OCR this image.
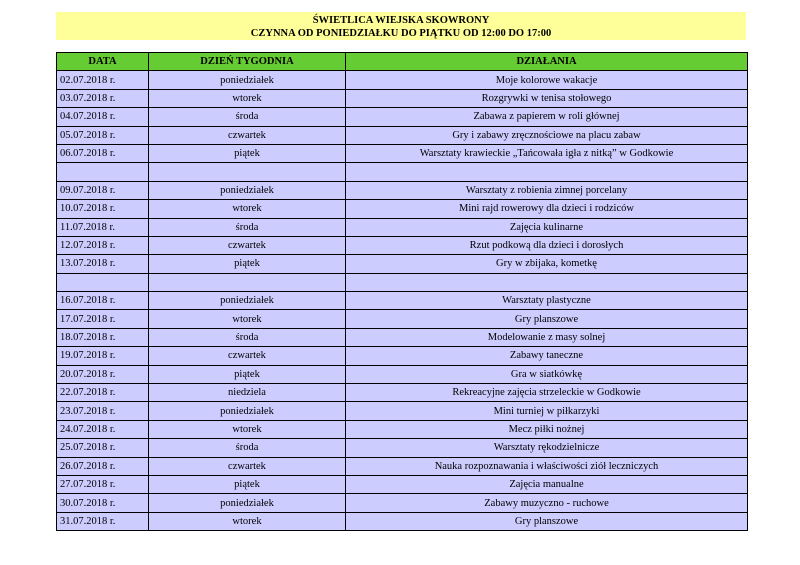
ŚWIETLICA WIEJSKA SKOWRONY
CZYNNA OD PONIEDZIAŁKU DO PIĄTKU OD 12:00 DO 17:00
DATA	DZIEŃ TYGODNIA	DZIAŁANIA
02.07.2018 r.	poniedziałek	Moje kolorowe wakacje
03.07.2018 r.	wtorek	Rozgrywki w tenisa stołowego
04.07.2018 r.	środa	Zabawa z papierem w roli głównej
05.07.2018 r.	czwartek	Gry i zabawy zręcznościowe na placu zabaw
06.07.2018 r.	piątek	Warsztaty krawieckie „Tańcowała igła z nitką” w Godkowie

09.07.2018 r.	poniedziałek	Warsztaty z robienia zimnej porcelany
10.07.2018 r.	wtorek	Mini rajd rowerowy dla dzieci i rodziców
11.07.2018 r.	środa	Zajęcia kulinarne
12.07.2018 r.	czwartek	Rzut podkową dla dzieci i dorosłych
13.07.2018 r.	piątek	Gry w zbijaka, kometkę

16.07.2018 r.	poniedziałek	Warsztaty plastyczne
17.07.2018 r.	wtorek	Gry planszowe
18.07.2018 r.	środa	Modelowanie z masy solnej
19.07.2018 r.	czwartek	Zabawy taneczne
20.07.2018 r.	piątek	Gra w siatkówkę
22.07.2018 r.	niedziela	Rekreacyjne zajęcia strzeleckie w Godkowie
23.07.2018 r.	poniedziałek	Mini turniej w piłkarzyki
24.07.2018 r.	wtorek	Mecz piłki nożnej
25.07.2018 r.	środa	Warsztaty rękodzielnicze
26.07.2018 r.	czwartek	Nauka rozpoznawania i właściwości ziół leczniczych
27.07.2018 r.	piątek	Zajęcia manualne
30.07.2018 r.	poniedziałek	Zabawy muzyczno - ruchowe
31.07.2018 r.	wtorek	Gry planszowe
